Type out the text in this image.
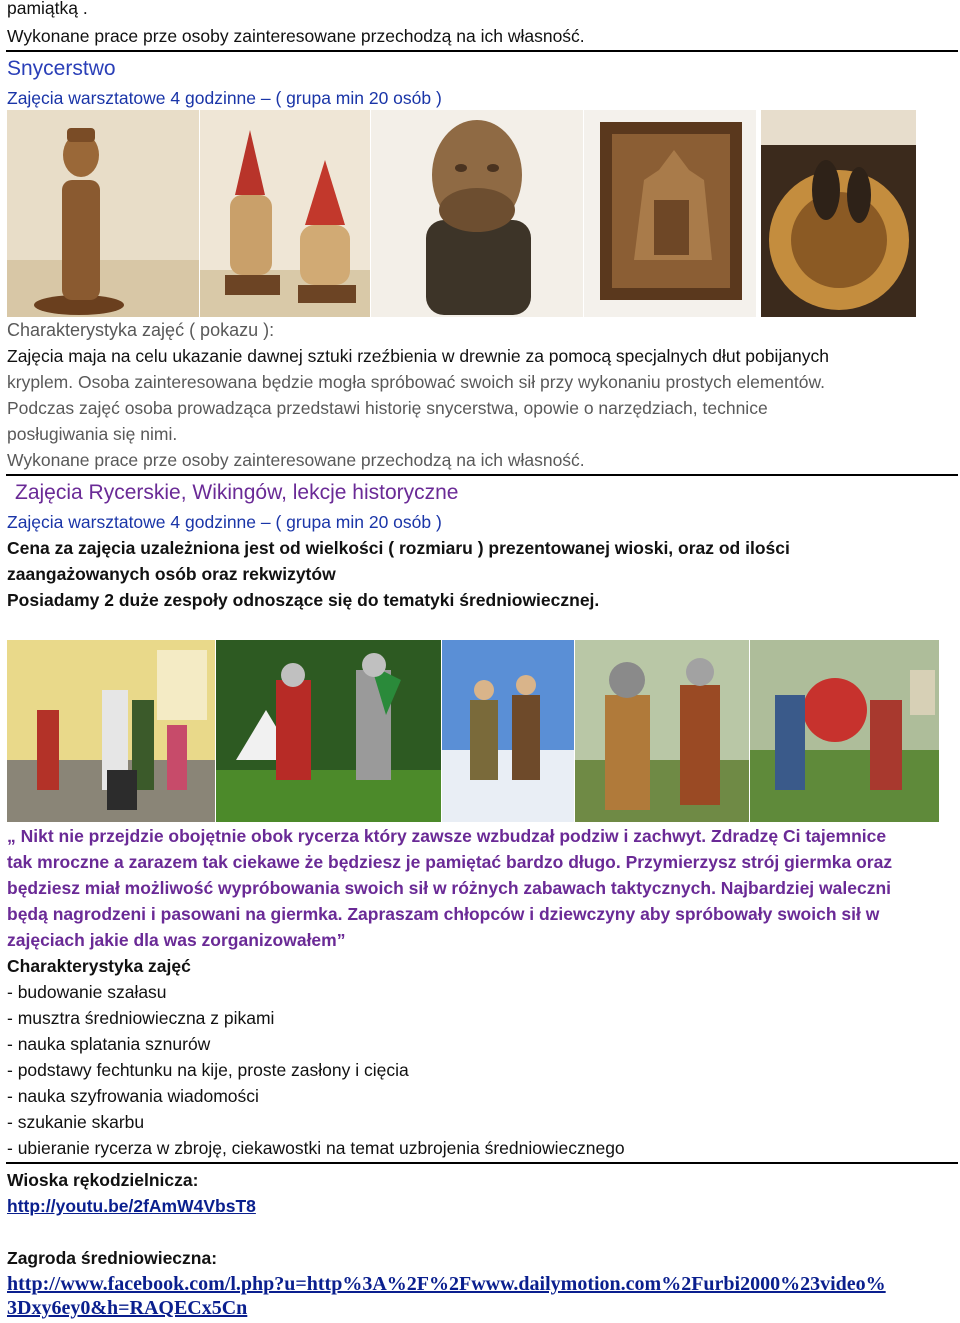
pamiątką .
Wykonane prace prze osoby zainteresowane przechodzą na ich własność.
Snycerstwo
Zajęcia warsztatowe 4 godzinne – ( grupa min 20 osób )
Charakterystyka zajęć ( pokazu ):
Zajęcia maja na celu ukazanie dawnej sztuki rzeźbienia w drewnie za pomocą specjalnych dłut pobijanych
kryplem. Osoba zainteresowana będzie mogła spróbować swoich sił przy wykonaniu prostych elementów.
Podczas zajęć osoba prowadząca przedstawi historię snycerstwa, opowie o narzędziach, technice
posługiwania się nimi.
Wykonane prace prze osoby zainteresowane przechodzą na ich własność.
Zajęcia Rycerskie, Wikingów, lekcje historyczne
Zajęcia warsztatowe 4 godzinne – ( grupa min 20 osób )
Cena za zajęcia uzależniona jest od wielkości ( rozmiaru ) prezentowanej wioski, oraz od ilości
zaangażowanych osób oraz rekwizytów
Posiadamy 2 duże zespoły odnoszące się do tematyki średniowiecznej.
„ Nikt nie przejdzie obojętnie obok rycerza który zawsze wzbudzał podziw i zachwyt. Zdradzę Ci tajemnice
tak mroczne a zarazem tak ciekawe że będziesz je pamiętać bardzo długo. Przymierzysz strój giermka oraz
będziesz miał możliwość wypróbowania swoich sił w różnych zabawach taktycznych. Najbardziej waleczni
będą nagrodzeni i pasowani na giermka. Zapraszam chłopców i dziewczyny aby spróbowały swoich sił w
zajęciach jakie dla was zorganizowałem”
Charakterystyka zajęć
- budowanie szałasu
- musztra średniowieczna z pikami
- nauka splatania sznurów
- podstawy fechtunku na kije, proste zasłony i cięcia
- nauka szyfrowania wiadomości
- szukanie skarbu
- ubieranie rycerza w zbroję, ciekawostki na temat uzbrojenia średniowiecznego
Wioska rękodzielnicza:
http://youtu.be/2fAmW4VbsT8
Zagroda średniowieczna:
http://www.facebook.com/l.php?u=http%3A%2F%2Fwww.dailymotion.com%2Furbi2000%23video%
3Dxy6ey0&h=RAQECx5Cn
